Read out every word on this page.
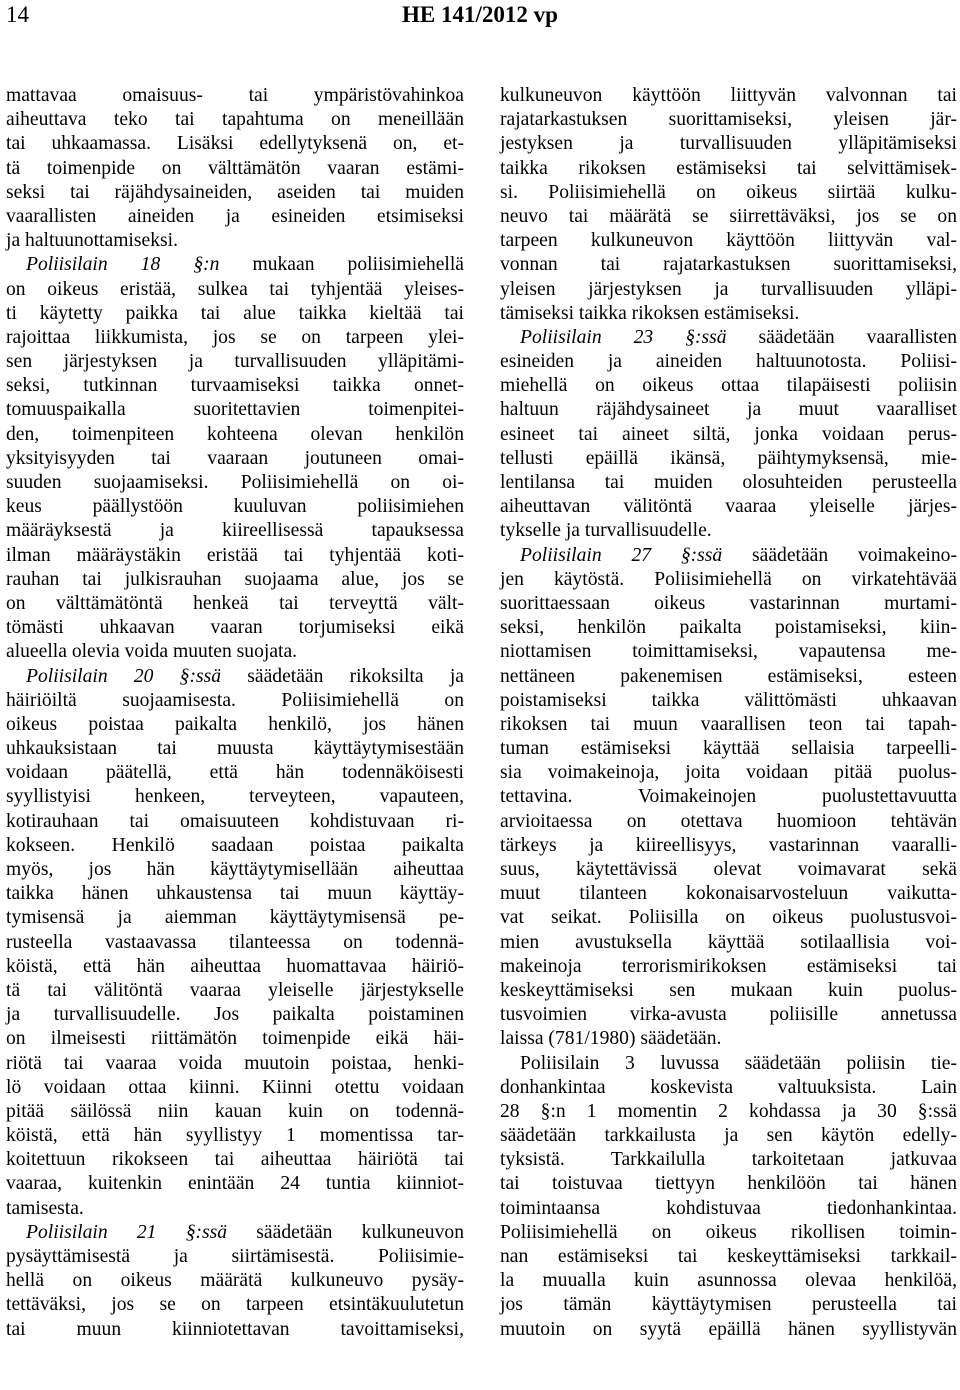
14	HE 141/2012 vp
mattavaa omaisuus- tai ympäristövahinkoa
aiheuttava teko tai tapahtuma on meneillään
tai uhkaamassa. Lisäksi edellytyksenä on, et-
tä toimenpide on välttämätön vaaran estämi-
seksi tai räjähdysaineiden, aseiden tai muiden
vaarallisten aineiden ja esineiden etsimiseksi
ja haltuunottamiseksi.
Poliisilain 18 §:n mukaan poliisimiehellä
on oikeus eristää, sulkea tai tyhjentää yleises-
ti käytetty paikka tai alue taikka kieltää tai
rajoittaa liikkumista, jos se on tarpeen ylei-
sen järjestyksen ja turvallisuuden ylläpitämi-
seksi, tutkinnan turvaamiseksi taikka onnet-
tomuuspaikalla suoritettavien toimenpitei-
den, toimenpiteen kohteena olevan henkilön
yksityisyyden tai vaaraan joutuneen omai-
suuden suojaamiseksi. Poliisimiehellä on oi-
keus päällystöön kuuluvan poliisimiehen
määräyksestä ja kiireellisessä tapauksessa
ilman määräystäkin eristää tai tyhjentää koti-
rauhan tai julkisrauhan suojaama alue, jos se
on välttämätöntä henkeä tai terveyttä vält-
tömästi uhkaavan vaaran torjumiseksi eikä
alueella olevia voida muuten suojata.
Poliisilain 20 §:ssä säädetään rikoksilta ja
häiriöiltä suojaamisesta. Poliisimiehellä on
oikeus poistaa paikalta henkilö, jos hänen
uhkauksistaan tai muusta käyttäytymisestään
voidaan päätellä, että hän todennäköisesti
syyllistyisi henkeen, terveyteen, vapauteen,
kotirauhaan tai omaisuuteen kohdistuvaan ri-
kokseen. Henkilö saadaan poistaa paikalta
myös, jos hän käyttäytymisellään aiheuttaa
taikka hänen uhkaustensa tai muun käyttäy-
tymisensä ja aiemman käyttäytymisensä pe-
rusteella vastaavassa tilanteessa on todennä-
köistä, että hän aiheuttaa huomattavaa häiriö-
tä tai välitöntä vaaraa yleiselle järjestykselle
ja turvallisuudelle. Jos paikalta poistaminen
on ilmeisesti riittämätön toimenpide eikä häi-
riötä tai vaaraa voida muutoin poistaa, henki-
lö voidaan ottaa kiinni. Kiinni otettu voidaan
pitää säilössä niin kauan kuin on todennä-
köistä, että hän syyllistyy 1 momentissa tar-
koitettuun rikokseen tai aiheuttaa häiriötä tai
vaaraa, kuitenkin enintään 24 tuntia kiinniot-
tamisesta.
Poliisilain 21 §:ssä säädetään kulkuneuvon
pysäyttämisestä ja siirtämisestä. Poliisimie-
hellä on oikeus määrätä kulkuneuvo pysäy-
tettäväksi, jos se on tarpeen etsintäkuulutetun
tai muun kiinniotettavan tavoittamiseksi,
kulkuneuvon käyttöön liittyvän valvonnan tai
rajatarkastuksen suorittamiseksi, yleisen jär-
jestyksen ja turvallisuuden ylläpitämiseksi
taikka rikoksen estämiseksi tai selvittämisek-
si. Poliisimiehellä on oikeus siirtää kulku-
neuvo tai määrätä se siirrettäväksi, jos se on
tarpeen kulkuneuvon käyttöön liittyvän val-
vonnan tai rajatarkastuksen suorittamiseksi,
yleisen järjestyksen ja turvallisuuden ylläpi-
tämiseksi taikka rikoksen estämiseksi.
Poliisilain 23 §:ssä säädetään vaarallisten
esineiden ja aineiden haltuunotosta. Poliisi-
miehellä on oikeus ottaa tilapäisesti poliisin
haltuun räjähdysaineet ja muut vaaralliset
esineet tai aineet siltä, jonka voidaan perus-
tellusti epäillä ikänsä, päihtymyksensä, mie-
lentilansa tai muiden olosuhteiden perusteella
aiheuttavan välitöntä vaaraa yleiselle järjes-
tykselle ja turvallisuudelle.
Poliisilain 27 §:ssä säädetään voimakeino-
jen käytöstä. Poliisimiehellä on virkatehtävää
suorittaessaan oikeus vastarinnan murtami-
seksi, henkilön paikalta poistamiseksi, kiin-
niottamisen toimittamiseksi, vapautensa me-
nettäneen pakenemisen estämiseksi, esteen
poistamiseksi taikka välittömästi uhkaavan
rikoksen tai muun vaarallisen teon tai tapah-
tuman estämiseksi käyttää sellaisia tarpeelli-
sia voimakeinoja, joita voidaan pitää puolus-
tettavina. Voimakeinojen puolustettavuutta
arvioitaessa on otettava huomioon tehtävän
tärkeys ja kiireellisyys, vastarinnan vaaralli-
suus, käytettävissä olevat voimavarat sekä
muut tilanteen kokonaisarvosteluun vaikutta-
vat seikat. Poliisilla on oikeus puolustusvoi-
mien avustuksella käyttää sotilaallisia voi-
makeinoja terrorismirikoksen estämiseksi tai
keskeyttämiseksi sen mukaan kuin puolus-
tusvoimien virka-avusta poliisille annetussa
laissa (781/1980) säädetään.
Poliisilain 3 luvussa säädetään poliisin tie-
donhankintaa koskevista valtuuksista. Lain
28 §:n 1 momentin 2 kohdassa ja 30 §:ssä
säädetään tarkkailusta ja sen käytön edelly-
tyksistä. Tarkkailulla tarkoitetaan jatkuvaa
tai toistuvaa tiettyyn henkilöön tai hänen
toimintaansa kohdistuvaa tiedonhankintaa.
Poliisimiehellä on oikeus rikollisen toimin-
nan estämiseksi tai keskeyttämiseksi tarkkail-
la muualla kuin asunnossa olevaa henkilöä,
jos tämän käyttäytymisen perusteella tai
muutoin on syytä epäillä hänen syyllistyvän
